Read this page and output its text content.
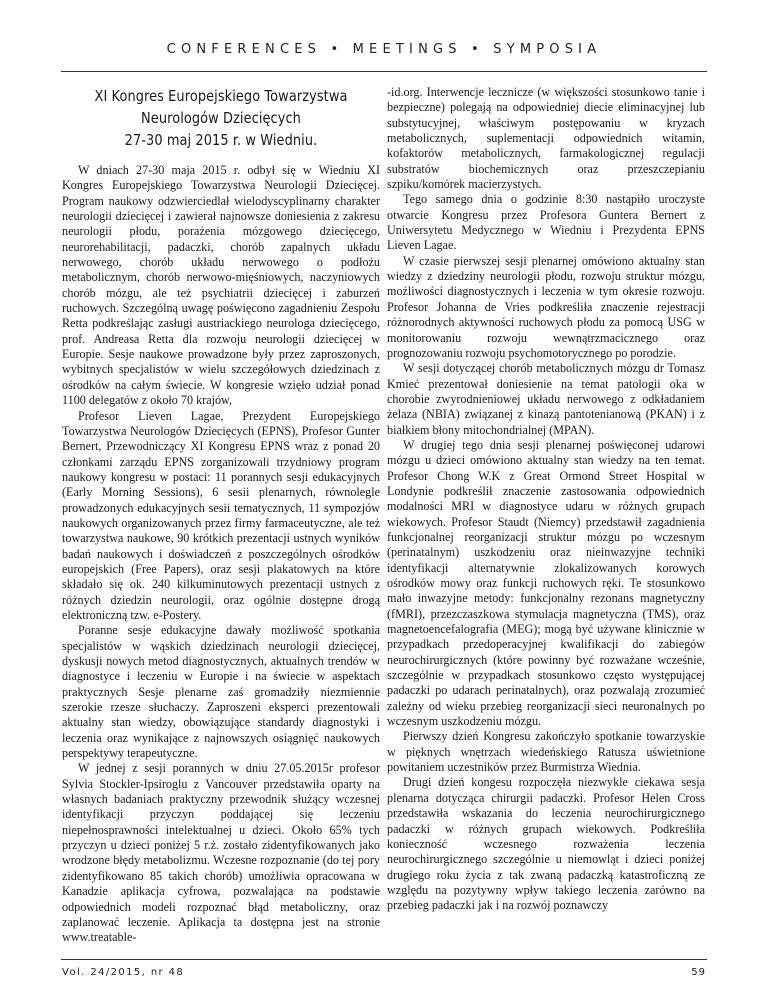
CONFERENCES • MEETINGS • SYMPOSIA
XI Kongres Europejskiego Towarzystwa
Neurologów Dziecięcych
27-30 maj 2015 r. w Wiedniu.

W dniach 27-30 maja 2015 r. odbył się w Wiedniu XI Kongres Europejskiego Towarzystwa Neurologii Dziecięcej. Program naukowy odzwierciedlał wielodyscyplinarny charakter neurologii dziecięcej i zawierał najnowsze doniesienia z zakresu neurologii płodu, porażenia mózgowego dziecięcego, neurorehabilitacji, padaczki, chorób zapalnych układu nerwowego, chorób układu nerwowego o podłożu metabolicznym, chorób nerwowo-mięśniowych, naczyniowych chorób mózgu, ale też psychiatrii dziecięcej i zaburzeń ruchowych. Szczególną uwagę poświęcono zagadnieniu Zespołu Retta podkreślając zasługi austriackiego neurologa dziecięcego, prof. Andreasa Retta dla rozwoju neurologii dziecięcej w Europie. Sesje naukowe prowadzone były przez zaproszonych, wybitnych specjalistów w wielu szczegółowych dziedzinach z ośrodków na całym świecie. W kongresie wzięło udział ponad 1100 delegatów z około 70 krajów,

Profesor Lieven Lagae, Prezydent Europejskiego Towarzystwa Neurologów Dziecięcych (EPNS), Profesor Gunter Bernert, Przewodniczący XI Kongresu EPNS wraz z ponad 20 członkami zarządu EPNS zorganizowali trzydniowy program naukowy kongresu w postaci: 11 porannych sesji edukacyjnych (Early Morning Sessions), 6 sesii plenarnych, równolegle prowadzonych edukacyjnych sesii tematycznych, 11 sympozjów naukowych organizowanych przez firmy farmaceutyczne, ale też towarzystwa naukowe, 90 krótkich prezentacji ustnych wyników badań naukowych i doświadczeń z poszczególnych ośrodków europejskich (Free Papers), oraz sesji plakatowych na które składało się ok. 240 kilkuminutowych prezentacji ustnych z różnych dziedzin neurologii, oraz ogólnie dostępne drogą elektroniczną tzw. e-Postery.

Poranne sesje edukacyjne dawały możliwość spotkania specjalistów w wąskich dziedzinach neurologii dziecięcej, dyskusji nowych metod diagnostycznych, aktualnych trendów w diagnostyce i leczeniu w Europie i na świecie w aspektach praktycznych Sesje plenarne zaś gromadziły niezmiennie szerokie rzesze słuchaczy. Zaproszeni eksperci prezentowali aktualny stan wiedzy, obowiązujące standardy diagnostyki i leczenia oraz wynikające z najnowszych osiągnięć naukowych perspektywy terapeutyczne.

W jednej z sesji porannych w dniu 27.05.2015r profesor Sylvia Stockler-Ipsiroglu z Vancouver przedstawiła oparty na własnych badaniach praktyczny przewodnik służący wczesnej identyfikacji przyczyn poddającej się leczeniu niepełnosprawności intelektualnej u dzieci. Około 65% tych przyczyn u dzieci poniżej 5 r.ż. zostało zidentyfikowanych jako wrodzone błędy metabolizmu. Wczesne rozpoznanie (do tej pory zidentyfikowano 85 takich chorób) umożliwia opracowana w Kanadzie aplikacja cyfrowa, pozwalająca na podstawie odpowiednich modeli rozpoznać błąd metaboliczny, oraz zaplanować leczenie. Aplikacja ta dostępna jest na stronie www.treatable-

-id.org. Interwencje lecznicze (w większości stosunkowo tanie i bezpieczne) polegają na odpowiedniej diecie eliminacyjnej lub substytucyjnej, właściwym postępowaniu w kryzach metabolicznych, suplementacji odpowiednich witamin, kofaktorów metabolicznych, farmakologicznej regulacji substratów biochemicznych oraz przeszczepianiu szpiku/komórek macierzystych.

Tego samego dnia o godzinie 8:30 nastąpiło uroczyste otwarcie Kongresu przez Profesora Guntera Bernert z Uniwersytetu Medycznego w Wiedniu i Prezydenta EPNS Lieven Lagae.

W czasie pierwszej sesji plenarnej omówiono aktualny stan wiedzy z dziedziny neurologii płodu, rozwoju struktur mózgu, możliwości diagnostycznych i leczenia w tym okresie rozwoju. Profesor Johanna de Vries podkreśliła znaczenie rejestracji różnorodnych aktywności ruchowych płodu za pomocą USG w monitorowaniu rozwoju wewnątrzmacicznego oraz prognozowaniu rozwoju psychomotorycznego po porodzie.

W sesji dotyczącej chorób metabolicznych mózgu dr Tomasz Kmieć prezentował doniesienie na temat patologii oka w chorobie zwyrodnieniowej układu nerwowego z odkładaniem żelaza (NBIA) związanej z kinazą pantotenianową (PKAN) i z białkiem błony mitochondrialnej (MPAN).

W drugiej tego dnia sesji plenarnej poświęconej udarowi mózgu u dzieci omówiono aktualny stan wiedzy na ten temat. Profesor Chong W.K z Great Ormond Street Hospital w Londynie podkreślił znaczenie zastosowania odpowiednich modalności MRI w diagnostyce udaru w różnych grupach wiekowych. Profesor Staudt (Niemcy) przedstawił zagadnienia funkcjonalnej reorganizacji struktur mózgu po wczesnym (perinatalnym) uszkodzeniu oraz nieinwazyjne techniki identyfikacji alternatywnie zlokalizowanych korowych ośrodków mowy oraz funkcji ruchowych ręki. Te stosunkowo mało inwazyjne metody: funkcjonalny rezonans magnetyczny (fMRI), przezczaszkowa stymulacja magnetyczna (TMS), oraz magnetoencefalografia (MEG); mogą być używane klinicznie w przypadkach przedoperacyjnej kwalifikacji do zabiegów neurochirurgicznych (które powinny być rozważane wcześnie, szczególnie w przypadkach stosunkowo często występującej padaczki po udarach perinatalnych), oraz pozwalają zrozumieć zależny od wieku przebieg reorganizacji sieci neuronalnych po wczesnym uszkodzeniu mózgu.

Pierwszy dzień Kongresu zakończyło spotkanie towarzyskie w pięknych wnętrzach wiedeńskiego Ratusza uświetnione powitaniem uczestników przez Burmistrza Wiednia.

Drugi dzień kongesu rozpoczęła niezwykle ciekawa sesja plenarna dotycząca chirurgii padaczki. Profesor Helen Cross przedstawiła wskazania do leczenia neurochirurgicznego padaczki w różnych grupach wiekowych. Podkreśliła konieczność wczesnego rozważenia leczenia neurochirurgicznego szczególnie u niemowląt i dzieci poniżej drugiego roku życia z tak zwaną padaczką katastroficzną ze względu na pozytywny wpływ takiego leczenia zarówno na przebieg padaczki jak i na rozwój poznawczy

Vol. 24/2015, nr 48	59
